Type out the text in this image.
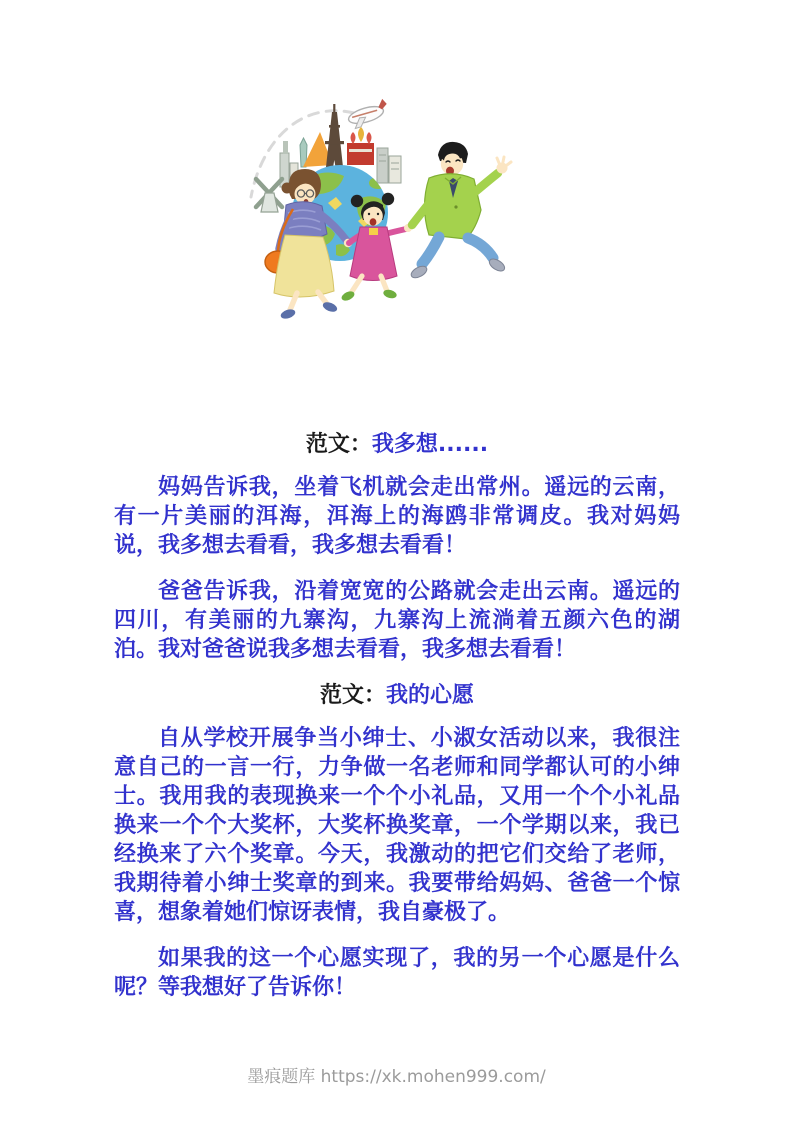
范文：我多想......

妈妈告诉我，坐着飞机就会走出常州。遥远的云南，有一片美丽的洱海，洱海上的海鸥非常调皮。我对妈妈说，我多想去看看，我多想去看看！

爸爸告诉我，沿着宽宽的公路就会走出云南。遥远的四川，有美丽的九寨沟，九寨沟上流淌着五颜六色的湖泊。我对爸爸说我多想去看看，我多想去看看！

范文：我的心愿

自从学校开展争当小绅士、小淑女活动以来，我很注意自己的一言一行，力争做一名老师和同学都认可的小绅士。我用我的表现换来一个个小礼品，又用一个个小礼品换来一个个大奖杯，大奖杯换奖章，一个学期以来，我已经换来了六个奖章。今天，我激动的把它们交给了老师，我期待着小绅士奖章的到来。我要带给妈妈、爸爸一个惊喜，想象着她们惊讶表情，我自豪极了。

如果我的这一个心愿实现了，我的另一个心愿是什么呢？等我想好了告诉你！

墨痕题库 https://xk.mohen999.com/
